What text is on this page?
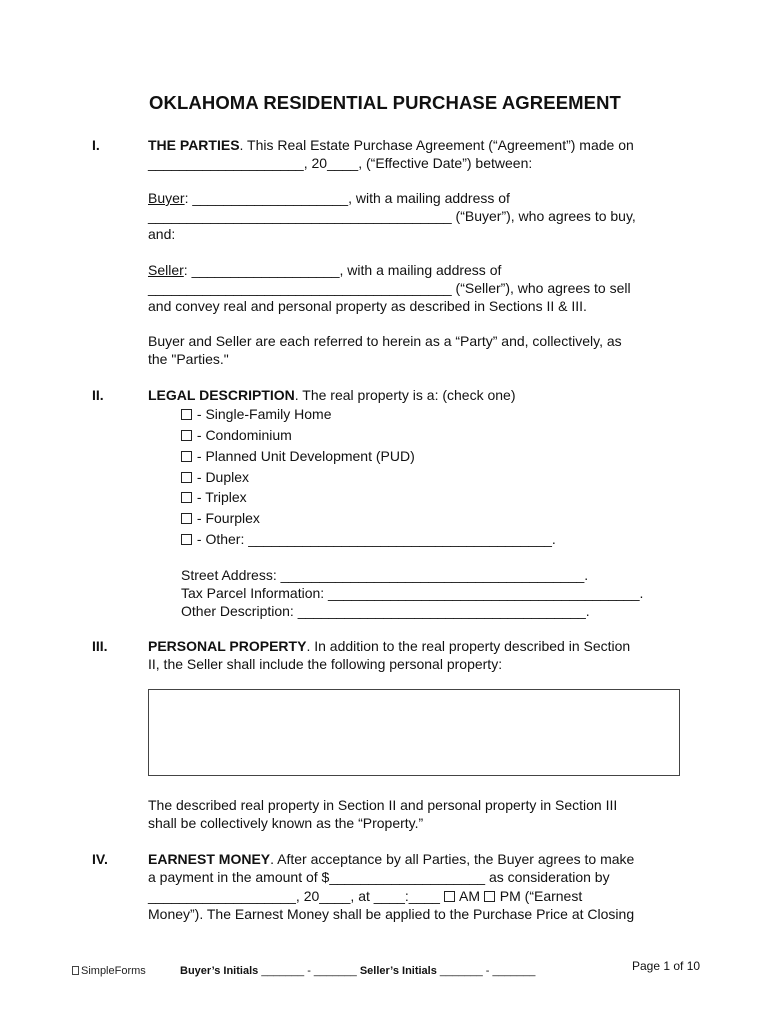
OKLAHOMA RESIDENTIAL PURCHASE AGREEMENT
I.	THE PARTIES. This Real Estate Purchase Agreement (“Agreement”) made on
____________________, 20____, (“Effective Date”) between:
Buyer: ____________________, with a mailing address of
_______________________________________ (“Buyer”), who agrees to buy,
and:
Seller: ___________________, with a mailing address of
_______________________________________ (“Seller”), who agrees to sell
and convey real and personal property as described in Sections II & III.
Buyer and Seller are each referred to herein as a “Party” and, collectively, as
the "Parties."
II.	LEGAL DESCRIPTION. The real property is a: (check one)
- Single-Family Home
- Condominium
- Planned Unit Development (PUD)
- Duplex
- Triplex
- Fourplex
- Other: _______________________________________.
Street Address: _______________________________________.
Tax Parcel Information: ________________________________________.
Other Description: _____________________________________.
III.	PERSONAL PROPERTY. In addition to the real property described in Section
II, the Seller shall include the following personal property:
The described real property in Section II and personal property in Section III
shall be collectively known as the “Property.”
IV.	EARNEST MONEY. After acceptance by all Parties, the Buyer agrees to make
a payment in the amount of $____________________ as consideration by
___________________, 20____, at ____:____  AM  PM (“Earnest
Money”). The Earnest Money shall be applied to the Purchase Price at Closing
SimpleForms	Buyer’s Initials _______ - _______ Seller’s Initials _______ - _______	Page 1 of 10
